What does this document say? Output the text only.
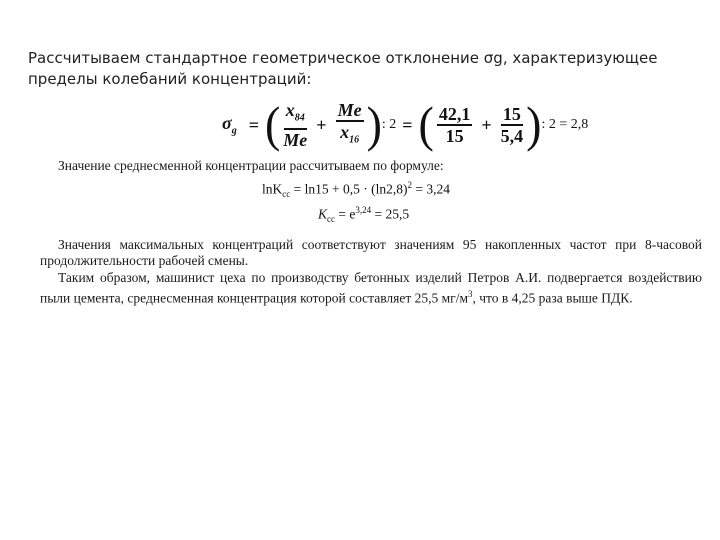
Рассчитываем стандартное геометрическое отклонение σg, характеризующее пределы колебаний концентраций:
$\sigma_g$ = ( $\frac{x_{84}}{Me} + \frac{Me}{x_{16}}$ ) : 2 = ( $\frac{42,1}{15} + \frac{15}{5,4}$ ) : 2 = 2,8
Значение среднесменной концентрации рассчитываем по формуле:
$\ln K_{сс} = \ln 15 + 0,5 \cdot (\ln 2,8)^2 = 3,24$
$K_{сс} = e^{3,24} = 25,5$
Значения максимальных концентраций соответствуют значениям 95 накопленных частот при 8-часовой продолжительности рабочей смены.
Таким образом, машинист цеха по производству бетонных изделий Петров А.И. подвергается воздействию пыли цемента, среднесменная концентрация которой составляет 25,5 $мг/м^3$, что в 4,25 раза выше ПДК.
